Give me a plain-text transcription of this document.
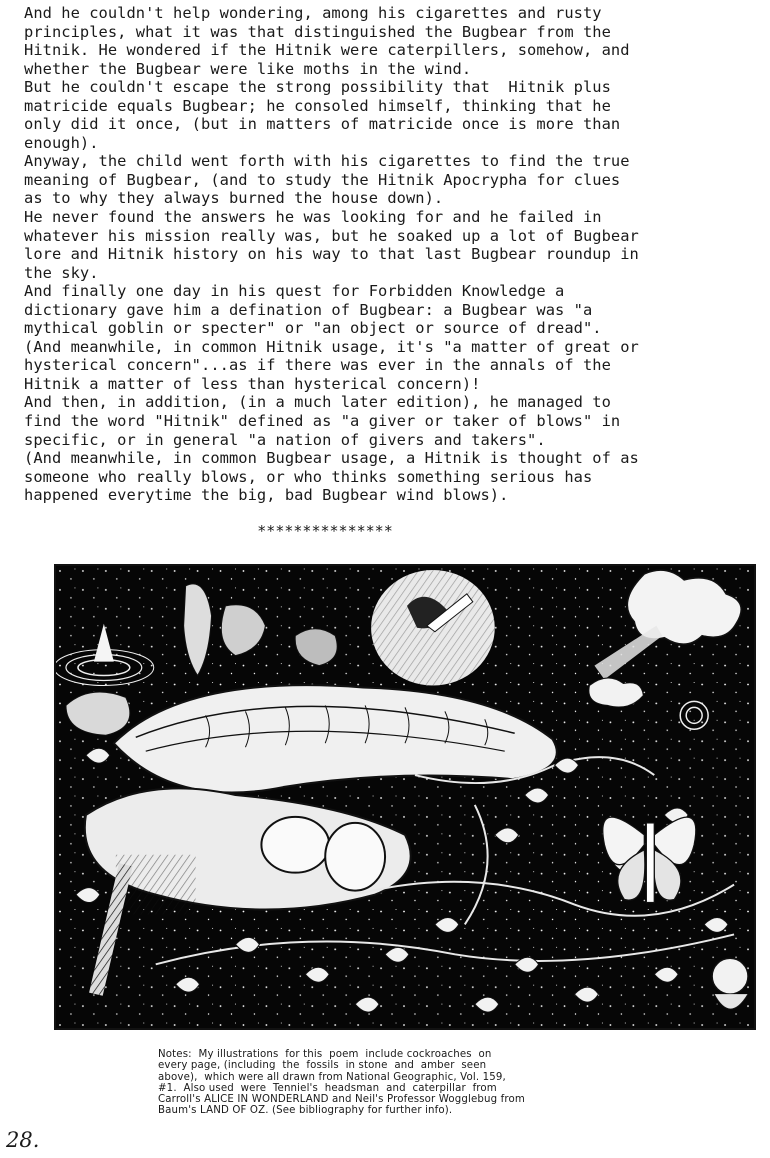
And he couldn't help wondering, among his cigarettes and rusty
principles, what it was that distinguished the Bugbear from the
Hitnik. He wondered if the Hitnik were caterpillers, somehow, and
whether the Bugbear were like moths in the wind.
But he couldn't escape the strong possibility that  Hitnik plus
matricide equals Bugbear; he consoled himself, thinking that he
only did it once, (but in matters of matricide once is more than
enough).
Anyway, the child went forth with his cigarettes to find the true
meaning of Bugbear, (and to study the Hitnik Apocrypha for clues
as to why they always burned the house down).
He never found the answers he was looking for and he failed in
whatever his mission really was, but he soaked up a lot of Bugbear
lore and Hitnik history on his way to that last Bugbear roundup in
the sky.
And finally one day in his quest for Forbidden Knowledge a
dictionary gave him a defination of Bugbear: a Bugbear was "a
mythical goblin or specter" or "an object or source of dread".
(And meanwhile, in common Hitnik usage, it's "a matter of great or
hysterical concern"...as if there was ever in the annals of the
Hitnik a matter of less than hysterical concern)!
And then, in addition, (in a much later edition), he managed to
find the word "Hitnik" defined as "a giver or taker of blows" in
specific, or in general "a nation of givers and takers".
(And meanwhile, in common Bugbear usage, a Hitnik is thought of as
someone who really blows, or who thinks something serious has
happened everytime the big, bad Bugbear wind blows).
***************
Notes:  My illustrations  for this  poem  include cockroaches  on
every page, (including  the  fossils  in stone  and  amber  seen
above),  which were all drawn from National Geographic, Vol. 159,
#1.  Also used  were  Tenniel's  headsman  and  caterpillar  from
Carroll's ALICE IN WONDERLAND and Neil's Professor Wogglebug from
Baum's LAND OF OZ. (See bibliography for further info).
28.
